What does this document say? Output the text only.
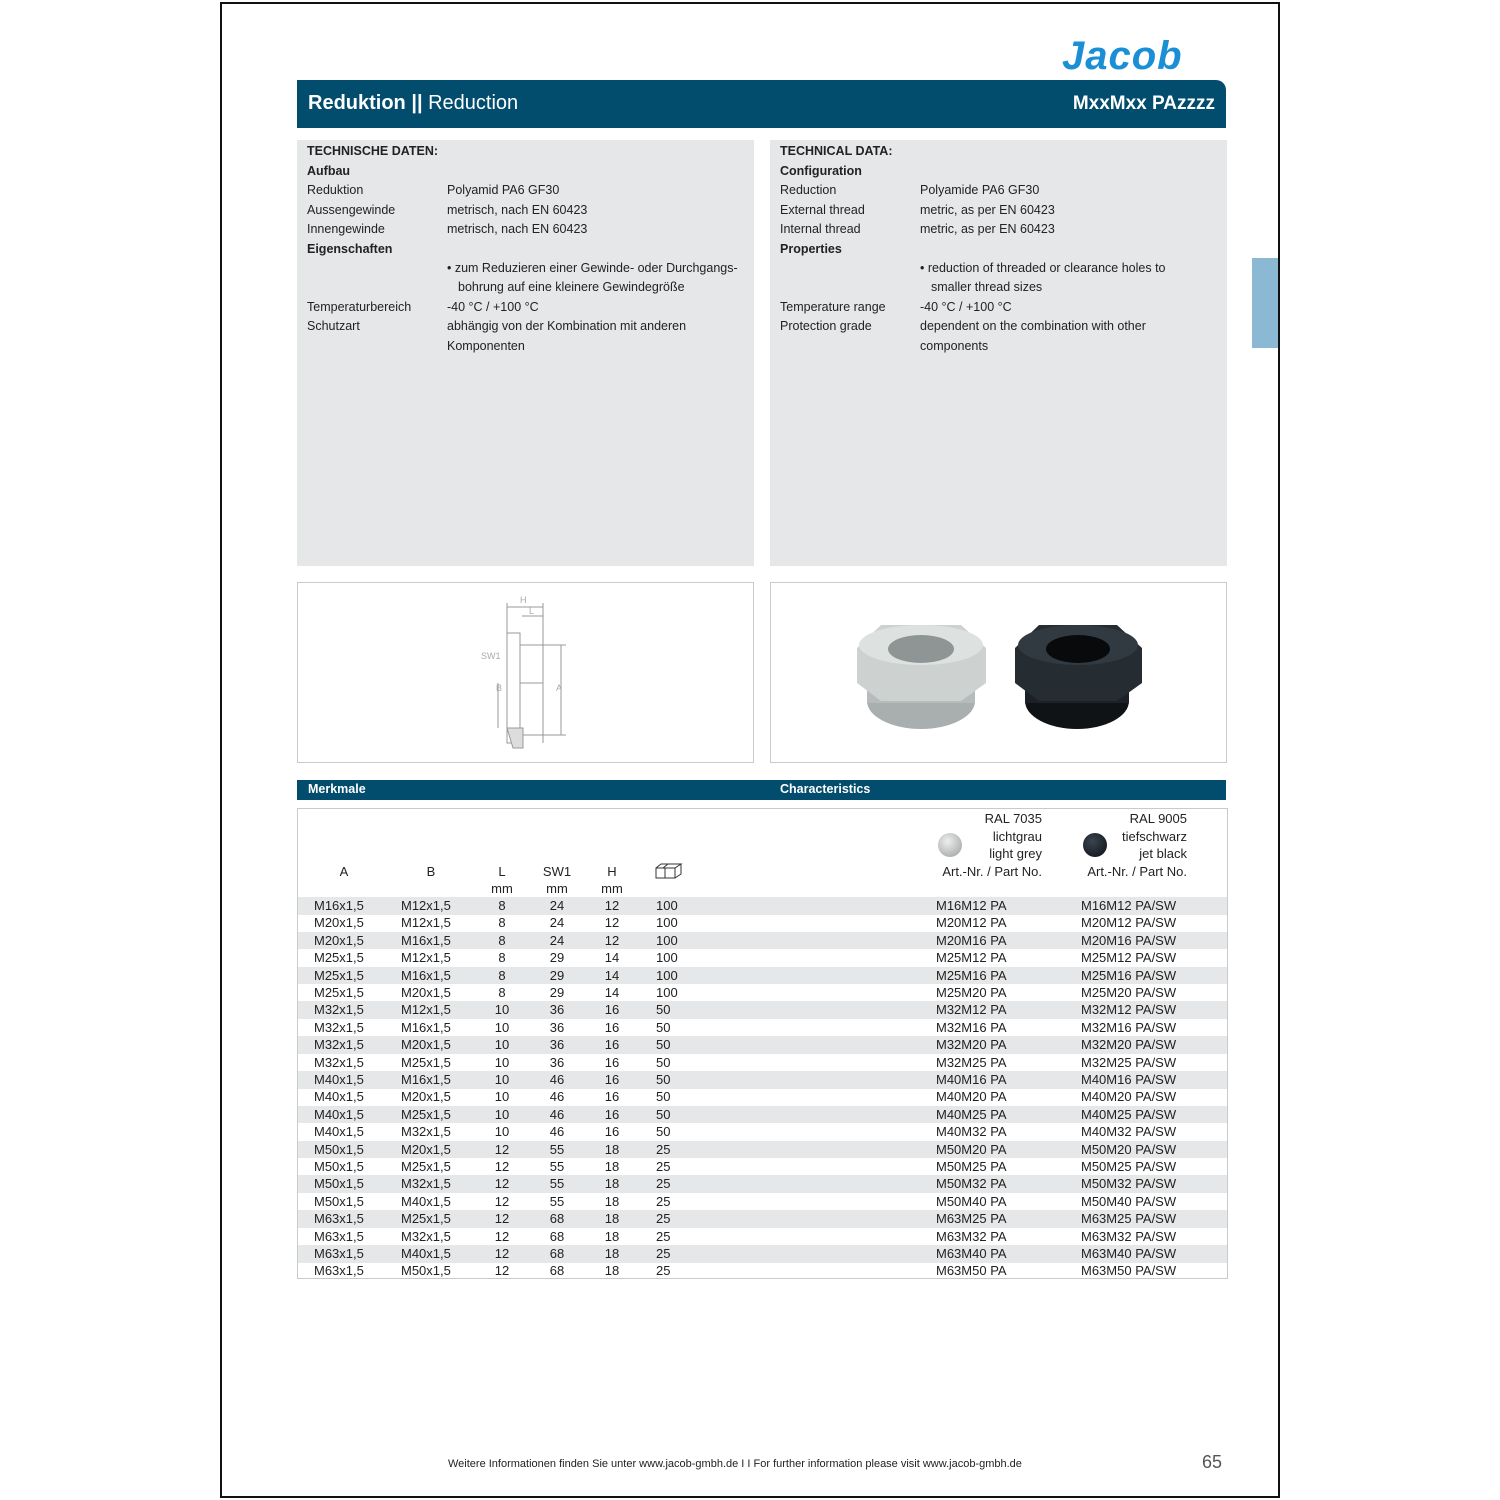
Jacob
Reduktion || Reduction	MxxMxx PAzzzz
TECHNISCHE DATEN:
Aufbau
Reduktion	Polyamid PA6 GF30
Aussengewinde	metrisch, nach EN 60423
Innengewinde	metrisch, nach EN 60423
Eigenschaften
• zum Reduzieren einer Gewinde- oder Durchgangs-
bohrung auf eine kleinere Gewindegröße
Temperaturbereich	-40 °C / +100 °C
Schutzart	abhängig von der Kombination mit anderen
Komponenten
TECHNICAL DATA:
Configuration
Reduction	Polyamide PA6 GF30
External thread	metric, as per EN 60423
Internal thread	metric, as per EN 60423
Properties
• reduction of threaded or clearance holes to
smaller thread sizes
Temperature range	-40 °C / +100 °C
Protection grade	dependent on the combination with other
components
H
L
SW1
B	A
Merkmale	Characteristics
A	B	L	SW1	H
mm	mm	mm
RAL 7035
lichtgrau
light grey
Art.-Nr. / Part No.
RAL 9005
tiefschwarz
jet black
Art.-Nr. / Part No.
M16x1,5	M12x1,5	8	24	12	100	M16M12 PA	M16M12 PA/SW
M20x1,5	M12x1,5	8	24	12	100	M20M12 PA	M20M12 PA/SW
M20x1,5	M16x1,5	8	24	12	100	M20M16 PA	M20M16 PA/SW
M25x1,5	M12x1,5	8	29	14	100	M25M12 PA	M25M12 PA/SW
M25x1,5	M16x1,5	8	29	14	100	M25M16 PA	M25M16 PA/SW
M25x1,5	M20x1,5	8	29	14	100	M25M20 PA	M25M20 PA/SW
M32x1,5	M12x1,5	10	36	16	50	M32M12 PA	M32M12 PA/SW
M32x1,5	M16x1,5	10	36	16	50	M32M16 PA	M32M16 PA/SW
M32x1,5	M20x1,5	10	36	16	50	M32M20 PA	M32M20 PA/SW
M32x1,5	M25x1,5	10	36	16	50	M32M25 PA	M32M25 PA/SW
M40x1,5	M16x1,5	10	46	16	50	M40M16 PA	M40M16 PA/SW
M40x1,5	M20x1,5	10	46	16	50	M40M20 PA	M40M20 PA/SW
M40x1,5	M25x1,5	10	46	16	50	M40M25 PA	M40M25 PA/SW
M40x1,5	M32x1,5	10	46	16	50	M40M32 PA	M40M32 PA/SW
M50x1,5	M20x1,5	12	55	18	25	M50M20 PA	M50M20 PA/SW
M50x1,5	M25x1,5	12	55	18	25	M50M25 PA	M50M25 PA/SW
M50x1,5	M32x1,5	12	55	18	25	M50M32 PA	M50M32 PA/SW
M50x1,5	M40x1,5	12	55	18	25	M50M40 PA	M50M40 PA/SW
M63x1,5	M25x1,5	12	68	18	25	M63M25 PA	M63M25 PA/SW
M63x1,5	M32x1,5	12	68	18	25	M63M32 PA	M63M32 PA/SW
M63x1,5	M40x1,5	12	68	18	25	M63M40 PA	M63M40 PA/SW
M63x1,5	M50x1,5	12	68	18	25	M63M50 PA	M63M50 PA/SW
Weitere Informationen finden Sie unter www.jacob-gmbh.de I I For further information please visit www.jacob-gmbh.de	65
